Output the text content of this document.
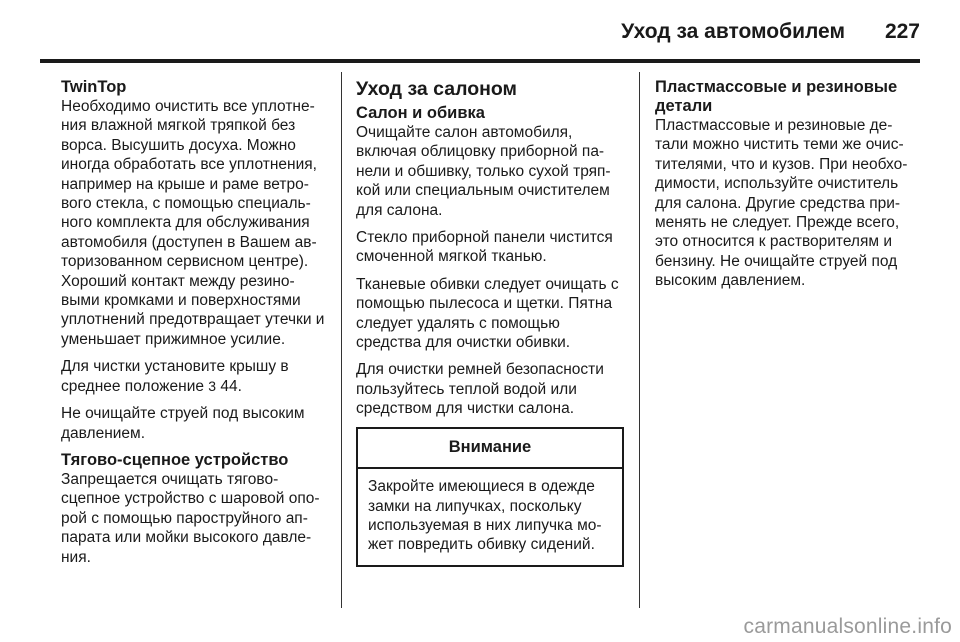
Уход за автомобилем 227
TwinTop

Необходимо очистить все уплотне-ния влажной мягкой тряпкой без ворса. Высушить досуха. Можно иногда обработать все уплотнения, например на крыше и раме ветро-вого стекла, с помощью специаль-ного комплекта для обслуживания автомобиля (доступен в Вашем ав-торизованном сервисном центре). Хороший контакт между резино-выми кромками и поверхностями уплотнений предотвращает утечки и уменьшает прижимное усилие.

Для чистки установите крышу в среднее положение 3 44.

Не очищайте струей под высоким давлением.

Тягово-сцепное устройство

Запрещается очищать тягово-сцепное устройство с шаровой опо-рой с помощью пароструйного ап-парата или мойки высокого давле-ния.

Уход за салоном
Салон и обивка

Очищайте салон автомобиля, включая облицовку приборной па-нели и обшивку, только сухой тряп-кой или специальным очистителем для салона.

Стекло приборной панели чистится смоченной мягкой тканью.

Тканевые обивки следует очищать с помощью пылесоса и щетки. Пятна следует удалять с помощью средства для очистки обивки.

Для очистки ремней безопасности пользуйтесь теплой водой или средством для чистки салона.

Внимание
Закройте имеющиеся в одежде замки на липучках, поскольку используемая в них липучка мо-жет повредить обивку сидений.
Пластмассовые и резиновые детали

Пластмассовые и резиновые де-тали можно чистить теми же очис-тителями, что и кузов. При необхо-димости, используйте очиститель для салона. Другие средства при-менять не следует. Прежде всего, это относится к растворителям и бензину. Не очищайте струей под высоким давлением.

carmanualsonline.info
